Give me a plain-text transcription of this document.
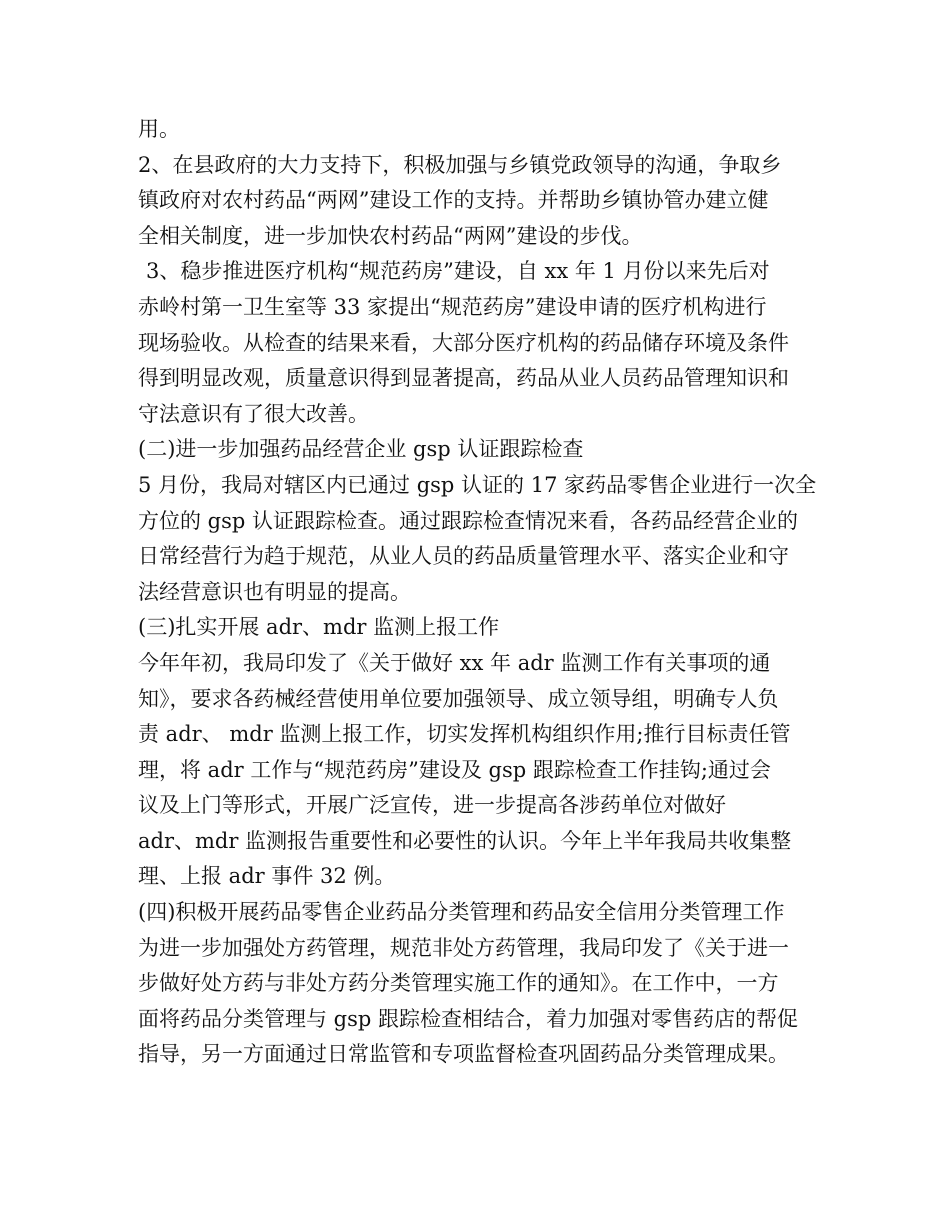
用。
2、在县政府的大力支持下，积极加强与乡镇党政领导的沟通，争取乡
镇政府对农村药品“两网”建设工作的支持。并帮助乡镇协管办建立健
全相关制度，进一步加快农村药品“两网”建设的步伐。
3、稳步推进医疗机构“规范药房”建设，自 xx 年 1 月份以来先后对
赤岭村第一卫生室等 33 家提出“规范药房”建设申请的医疗机构进行
现场验收。从检查的结果来看，大部分医疗机构的药品储存环境及条件
得到明显改观，质量意识得到显著提高，药品从业人员药品管理知识和
守法意识有了很大改善。
(二)进一步加强药品经营企业 gsp 认证跟踪检查
5 月份，我局对辖区内已通过 gsp 认证的 17 家药品零售企业进行一次全
方位的 gsp 认证跟踪检查。通过跟踪检查情况来看，各药品经营企业的
日常经营行为趋于规范，从业人员的药品质量管理水平、落实企业和守
法经营意识也有明显的提高。
(三)扎实开展 adr、mdr 监测上报工作
今年年初，我局印发了《关于做好 xx 年 adr 监测工作有关事项的通
知》，要求各药械经营使用单位要加强领导、成立领导组，明确专人负
责 adr、 mdr 监测上报工作，切实发挥机构组织作用;推行目标责任管
理，将 adr 工作与“规范药房”建设及 gsp 跟踪检查工作挂钩;通过会
议及上门等形式，开展广泛宣传，进一步提高各涉药单位对做好
adr、mdr 监测报告重要性和必要性的认识。今年上半年我局共收集整
理、上报 adr 事件 32 例。
(四)积极开展药品零售企业药品分类管理和药品安全信用分类管理工作
为进一步加强处方药管理，规范非处方药管理，我局印发了《关于进一
步做好处方药与非处方药分类管理实施工作的通知》。在工作中，一方
面将药品分类管理与 gsp 跟踪检查相结合，着力加强对零售药店的帮促
指导，另一方面通过日常监管和专项监督检查巩固药品分类管理成果。
